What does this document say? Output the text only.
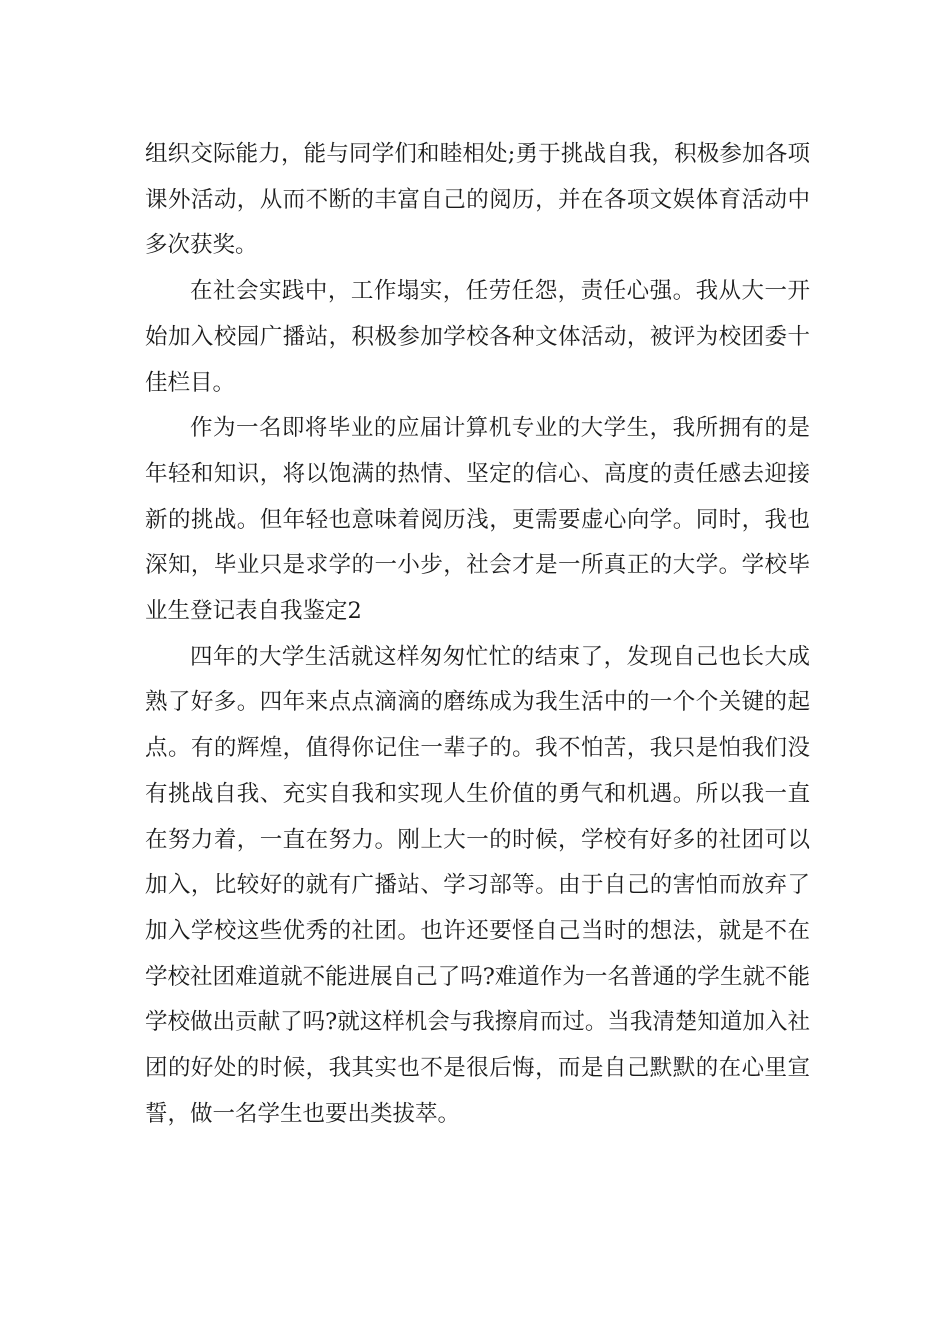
组织交际能力，能与同学们和睦相处;勇于挑战自我，积极参加各项课外活动，从而不断的丰富自己的阅历，并在各项文娱体育活动中多次获奖。

在社会实践中，工作塌实，任劳任怨，责任心强。我从大一开始加入校园广播站，积极参加学校各种文体活动，被评为校团委十佳栏目。

作为一名即将毕业的应届计算机专业的大学生，我所拥有的是年轻和知识，将以饱满的热情、坚定的信心、高度的责任感去迎接新的挑战。但年轻也意味着阅历浅，更需要虚心向学。同时，我也深知，毕业只是求学的一小步，社会才是一所真正的大学。学校毕业生登记表自我鉴定2

四年的大学生活就这样匆匆忙忙的结束了，发现自己也长大成熟了好多。四年来点点滴滴的磨练成为我生活中的一个个关键的起点。有的辉煌，值得你记住一辈子的。我不怕苦，我只是怕我们没有挑战自我、充实自我和实现人生价值的勇气和机遇。所以我一直在努力着，一直在努力。刚上大一的时候，学校有好多的社团可以加入，比较好的就有广播站、学习部等。由于自己的害怕而放弃了加入学校这些优秀的社团。也许还要怪自己当时的想法，就是不在学校社团难道就不能进展自己了吗?难道作为一名普通的学生就不能学校做出贡献了吗?就这样机会与我擦肩而过。当我清楚知道加入社团的好处的时候，我其实也不是很后悔，而是自己默默的在心里宣誓，做一名学生也要出类拔萃。
